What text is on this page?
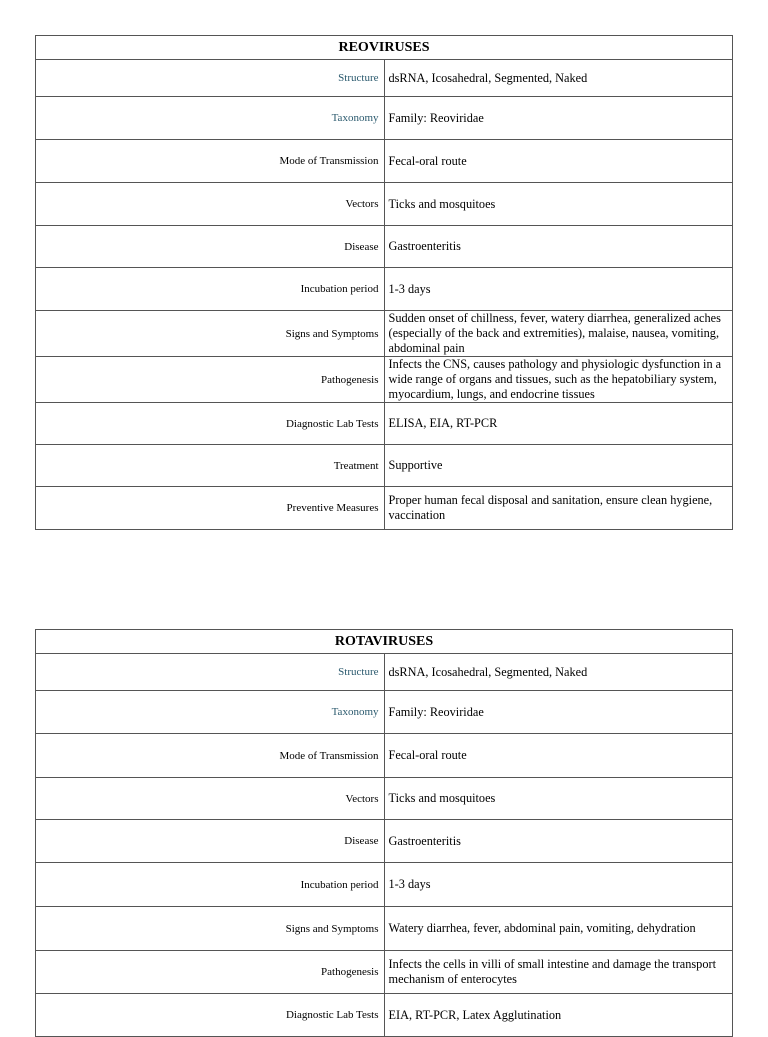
REOVIRUSES	
Structure	dsRNA, Icosahedral, Segmented, Naked
Taxonomy	Family: Reoviridae
Mode of Transmission	Fecal-oral route
Vectors	Ticks and mosquitoes
Disease	Gastroenteritis
Incubation period	1-3 days
Signs and Symptoms	Sudden onset of chillness, fever, watery diarrhea, generalized aches (especially of the back and extremities), malaise, nausea, vomiting, abdominal pain
Pathogenesis	Infects the CNS, causes pathology and physiologic dysfunction in a wide range of organs and tissues, such as the hepatobiliary system, myocardium, lungs, and endocrine tissues
Diagnostic Lab Tests	ELISA, EIA, RT-PCR
Treatment	Supportive
Preventive Measures	Proper human fecal disposal and sanitation, ensure clean hygiene, vaccination
ROTAVIRUSES	
Structure	dsRNA, Icosahedral, Segmented, Naked
Taxonomy	Family: Reoviridae
Mode of Transmission	Fecal-oral route
Vectors	Ticks and mosquitoes
Disease	Gastroenteritis
Incubation period	1-3 days
Signs and Symptoms	Watery diarrhea, fever, abdominal pain, vomiting, dehydration
Pathogenesis	Infects the cells in villi of small intestine and damage the transport mechanism of enterocytes
Diagnostic Lab Tests	EIA, RT-PCR, Latex Agglutination
